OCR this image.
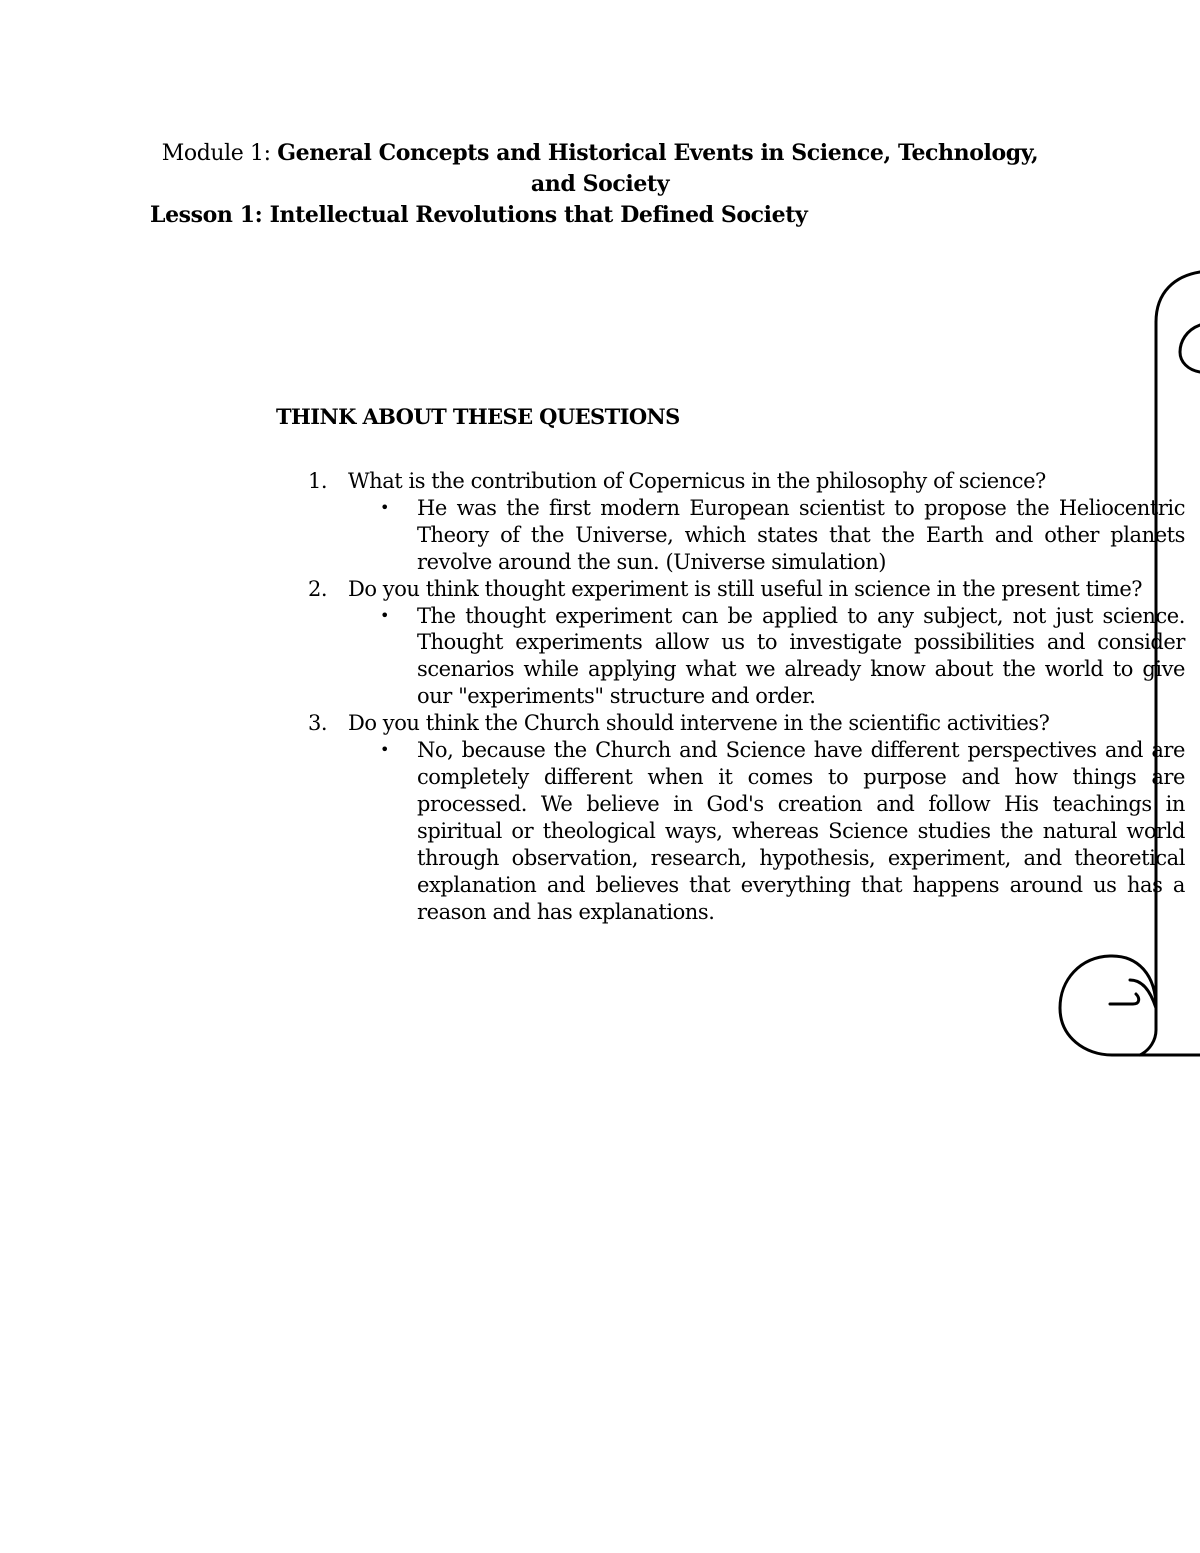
Module 1: General Concepts and Historical Events in Science, Technology,
and Society
Lesson 1: Intellectual Revolutions that Defined Society
THINK ABOUT THESE QUESTIONS
1. What is the contribution of Copernicus in the philosophy of science?
•	He was the first modern European scientist to propose the Heliocentric Theory of the Universe, which states that the Earth and other planets revolve around the sun. (Universe simulation)
2. Do you think thought experiment is still useful in science in the present time?
•	The thought experiment can be applied to any subject, not just science. Thought experiments allow us to investigate possibilities and consider scenarios while applying what we already know about the world to give our "experiments" structure and order.
3. Do you think the Church should intervene in the scientific activities?
•	No, because the Church and Science have different perspectives and are completely different when it comes to purpose and how things are processed. We believe in God's creation and follow His teachings in spiritual or theological ways, whereas Science studies the natural world through observation, research, hypothesis, experiment, and theoretical explanation and believes that everything that happens around us has a reason and has explanations.
